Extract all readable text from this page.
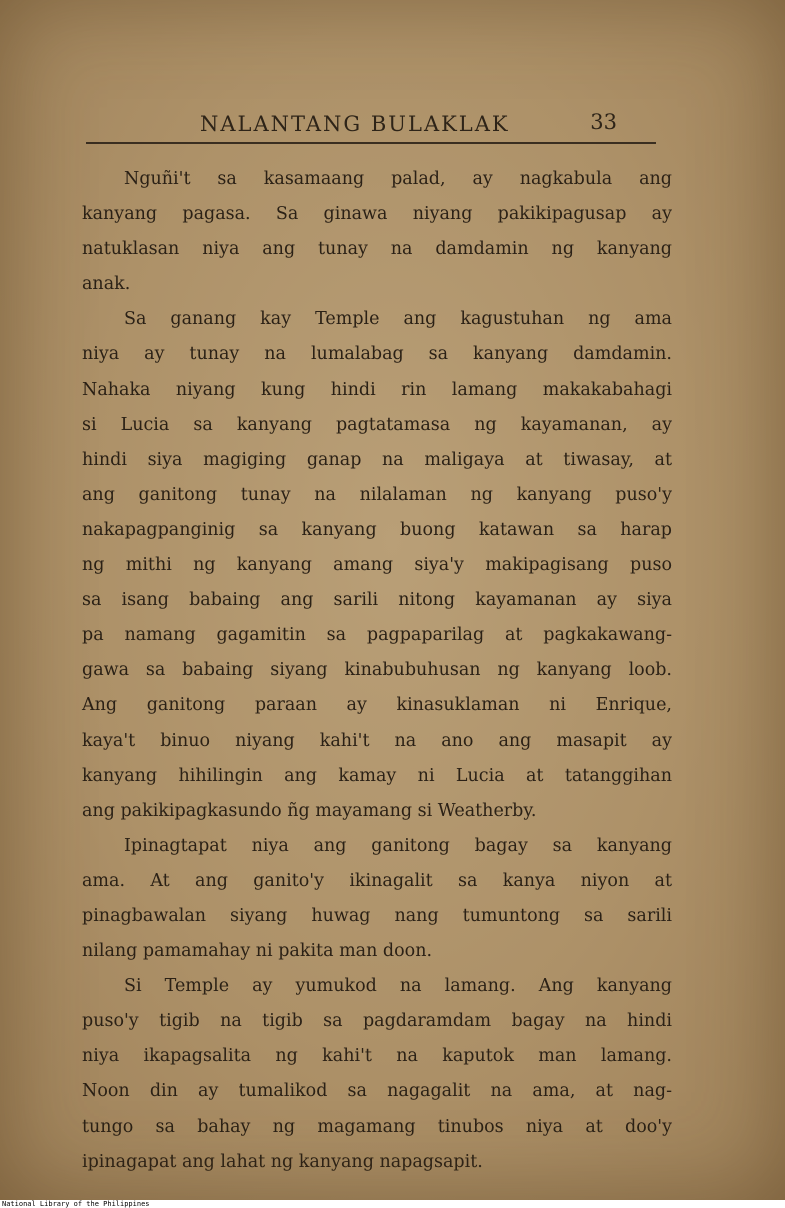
NALANTANG BULAKLAK	33
Nguñi't sa kasamaang palad, ay nagkabula ang
kanyang pagasa. Sa ginawa niyang pakikipagusap ay
natuklasan niya ang tunay na damdamin ng kanyang
anak.
Sa ganang kay Temple ang kagustuhan ng ama
niya ay tunay na lumalabag sa kanyang damdamin.
Nahaka niyang kung hindi rin lamang makakabahagi
si Lucia sa kanyang pagtatamasa ng kayamanan, ay
hindi siya magiging ganap na maligaya at tiwasay, at
ang ganitong tunay na nilalaman ng kanyang puso'y
nakapagpanginig sa kanyang buong katawan sa harap
ng mithi ng kanyang amang siya'y makipagisang puso
sa isang babaing ang sarili nitong kayamanan ay siya
pa namang gagamitin sa pagpaparilag at pagkakawang-
gawa sa babaing siyang kinabubuhusan ng kanyang loob.
Ang ganitong paraan ay kinasuklaman ni Enrique,
kaya't binuo niyang kahi't na ano ang masapit ay
kanyang hihilingin ang kamay ni Lucia at tatanggihan
ang pakikipagkasundo ñg mayamang si Weatherby.
Ipinagtapat niya ang ganitong bagay sa kanyang
ama. At ang ganito'y ikinagalit sa kanya niyon at
pinagbawalan siyang huwag nang tumuntong sa sarili
nilang pamamahay ni pakita man doon.
Si Temple ay yumukod na lamang. Ang kanyang
puso'y tigib na tigib sa pagdaramdam bagay na hindi
niya ikapagsalita ng kahi't na kaputok man lamang.
Noon din ay tumalikod sa nagagalit na ama, at nag-
tungo sa bahay ng magamang tinubos niya at doo'y
ipinagapat ang lahat ng kanyang napagsapit.
National Library of the Philippines
